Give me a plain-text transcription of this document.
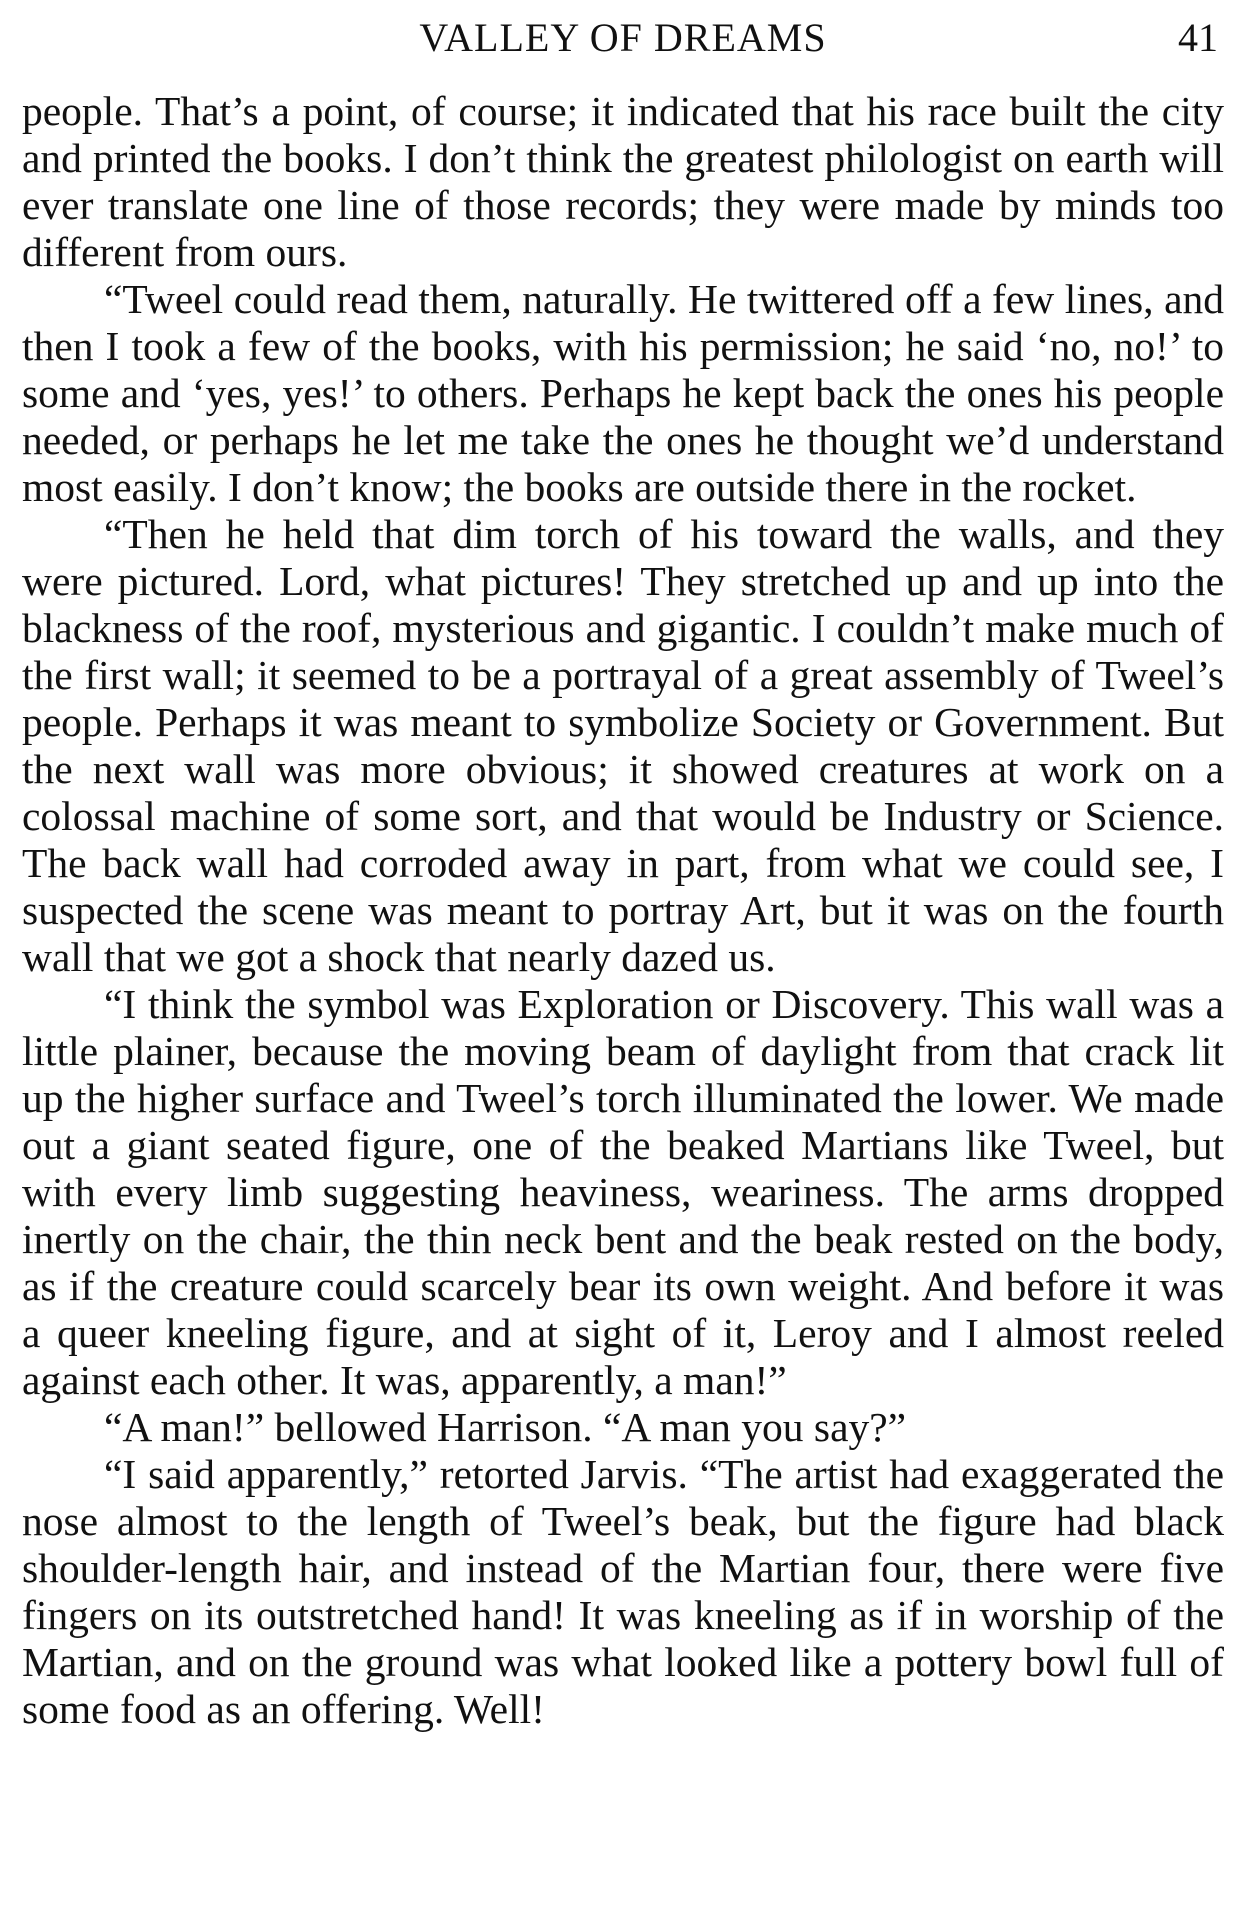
VALLEY OF DREAMS	41

people. That’s a point, of course; it indicated that his race built the city and printed the books. I don’t think the greatest philologist on earth will ever translate one line of those records; they were made by minds too different from ours.

“Tweel could read them, naturally. He twittered off a few lines, and then I took a few of the books, with his permission; he said ‘no, no!’ to some and ‘yes, yes!’ to others. Perhaps he kept back the ones his people needed, or perhaps he let me take the ones he thought we’d understand most easily. I don’t know; the books are outside there in the rocket.

“Then he held that dim torch of his toward the walls, and they were pictured. Lord, what pictures! They stretched up and up into the blackness of the roof, mysterious and gigantic. I couldn’t make much of the first wall; it seemed to be a portrayal of a great assembly of Tweel’s people. Perhaps it was meant to symbolize Society or Government. But the next wall was more obvious; it showed creatures at work on a colossal machine of some sort, and that would be Industry or Science. The back wall had corroded away in part, from what we could see, I suspected the scene was meant to portray Art, but it was on the fourth wall that we got a shock that nearly dazed us.

“I think the symbol was Exploration or Discovery. This wall was a little plainer, because the moving beam of daylight from that crack lit up the higher surface and Tweel’s torch illuminated the lower. We made out a giant seated figure, one of the beaked Martians like Tweel, but with every limb suggesting heaviness, weariness. The arms dropped inertly on the chair, the thin neck bent and the beak rested on the body, as if the creature could scarcely bear its own weight. And before it was a queer kneeling figure, and at sight of it, Leroy and I almost reeled against each other. It was, apparently, a man!”

“A man!” bellowed Harrison. “A man you say?”

“I said apparently,” retorted Jarvis. “The artist had exaggerated the nose almost to the length of Tweel’s beak, but the figure had black shoulder-length hair, and instead of the Martian four, there were five fingers on its outstretched hand! It was kneeling as if in worship of the Martian, and on the ground was what looked like a pottery bowl full of some food as an offering. Well!
